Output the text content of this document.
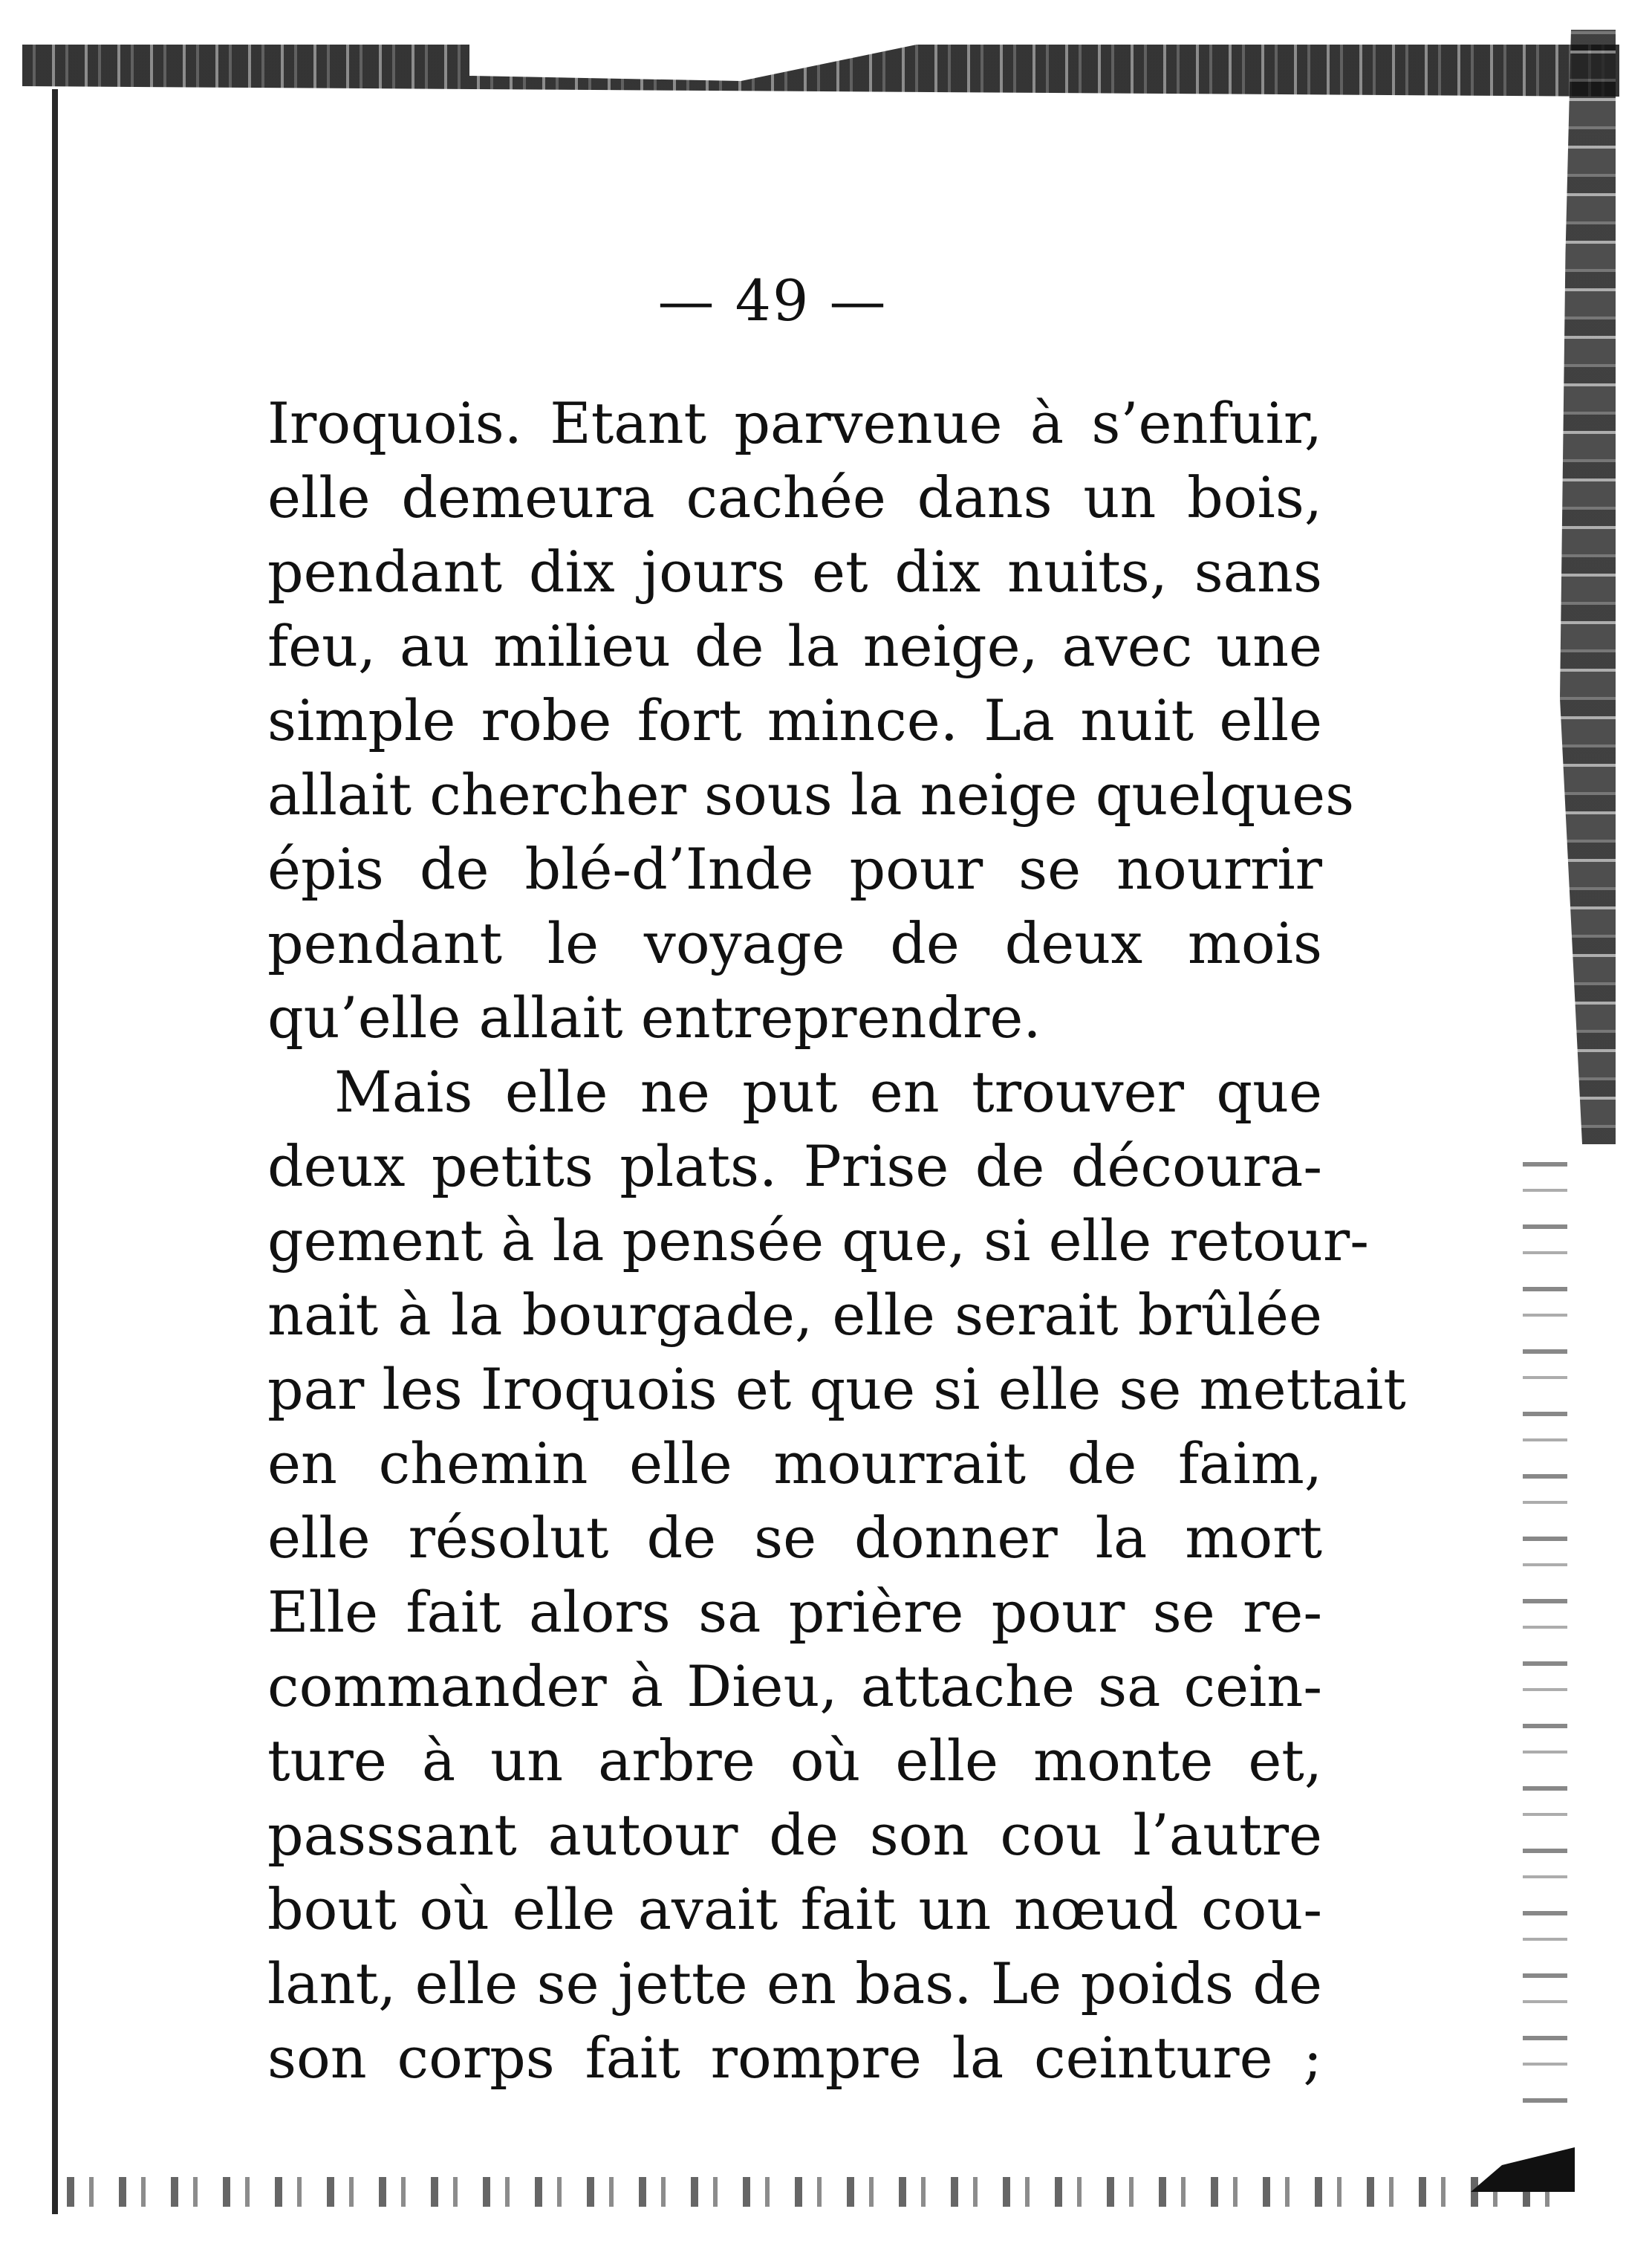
— 49 —
Iroquois. Etant parvenue à s’enfuir,
elle demeura cachée dans un bois,
pendant dix jours et dix nuits, sans
feu, au milieu de la neige, avec une
simple robe fort mince. La nuit elle
allait chercher sous la neige quelques
épis de blé-d’Inde pour se nourrir
pendant le voyage de deux mois
qu’elle allait entreprendre.
Mais elle ne put en trouver que
deux petits plats. Prise de découra-
gement à la pensée que, si elle retour-
nait à la bourgade, elle serait brûlée
par les Iroquois et que si elle se mettait
en chemin elle mourrait de faim,
elle résolut de se donner la mort
Elle fait alors sa prière pour se re-
commander à Dieu, attache sa cein-
ture à un arbre où elle monte et,
passsant autour de son cou l’autre
bout où elle avait fait un nœud cou-
lant, elle se jette en bas. Le poids de
son corps fait rompre la ceinture ;
